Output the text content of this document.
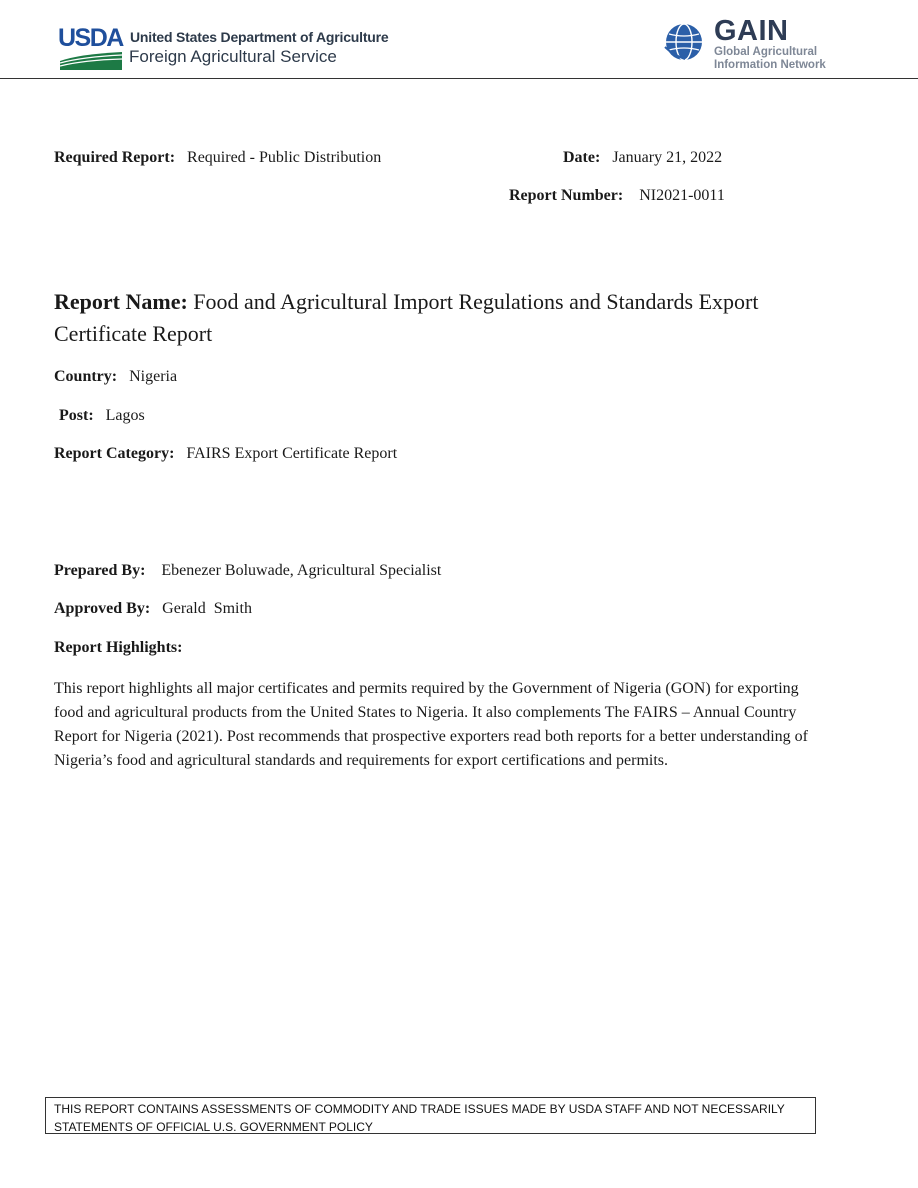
USDA United States Department of Agriculture
Foreign Agricultural Service
GAIN
Global Agricultural
Information Network
Required Report: Required - Public Distribution	Date: January 21, 2022
Report Number: NI2021-0011
Report Name: Food and Agricultural Import Regulations and Standards Export Certificate Report
Country: Nigeria
Post: Lagos
Report Category: FAIRS Export Certificate Report
Prepared By: Ebenezer Boluwade, Agricultural Specialist
Approved By: Gerald  Smith
Report Highlights:
This report highlights all major certificates and permits required by the Government of Nigeria (GON) for exporting food and agricultural products from the United States to Nigeria. It also complements The FAIRS – Annual Country Report for Nigeria (2021). Post recommends that prospective exporters read both reports for a better understanding of Nigeria’s food and agricultural standards and requirements for export certifications and permits.
THIS REPORT CONTAINS ASSESSMENTS OF COMMODITY AND TRADE ISSUES MADE BY USDA STAFF AND NOT NECESSARILY STATEMENTS OF OFFICIAL U.S. GOVERNMENT POLICY
